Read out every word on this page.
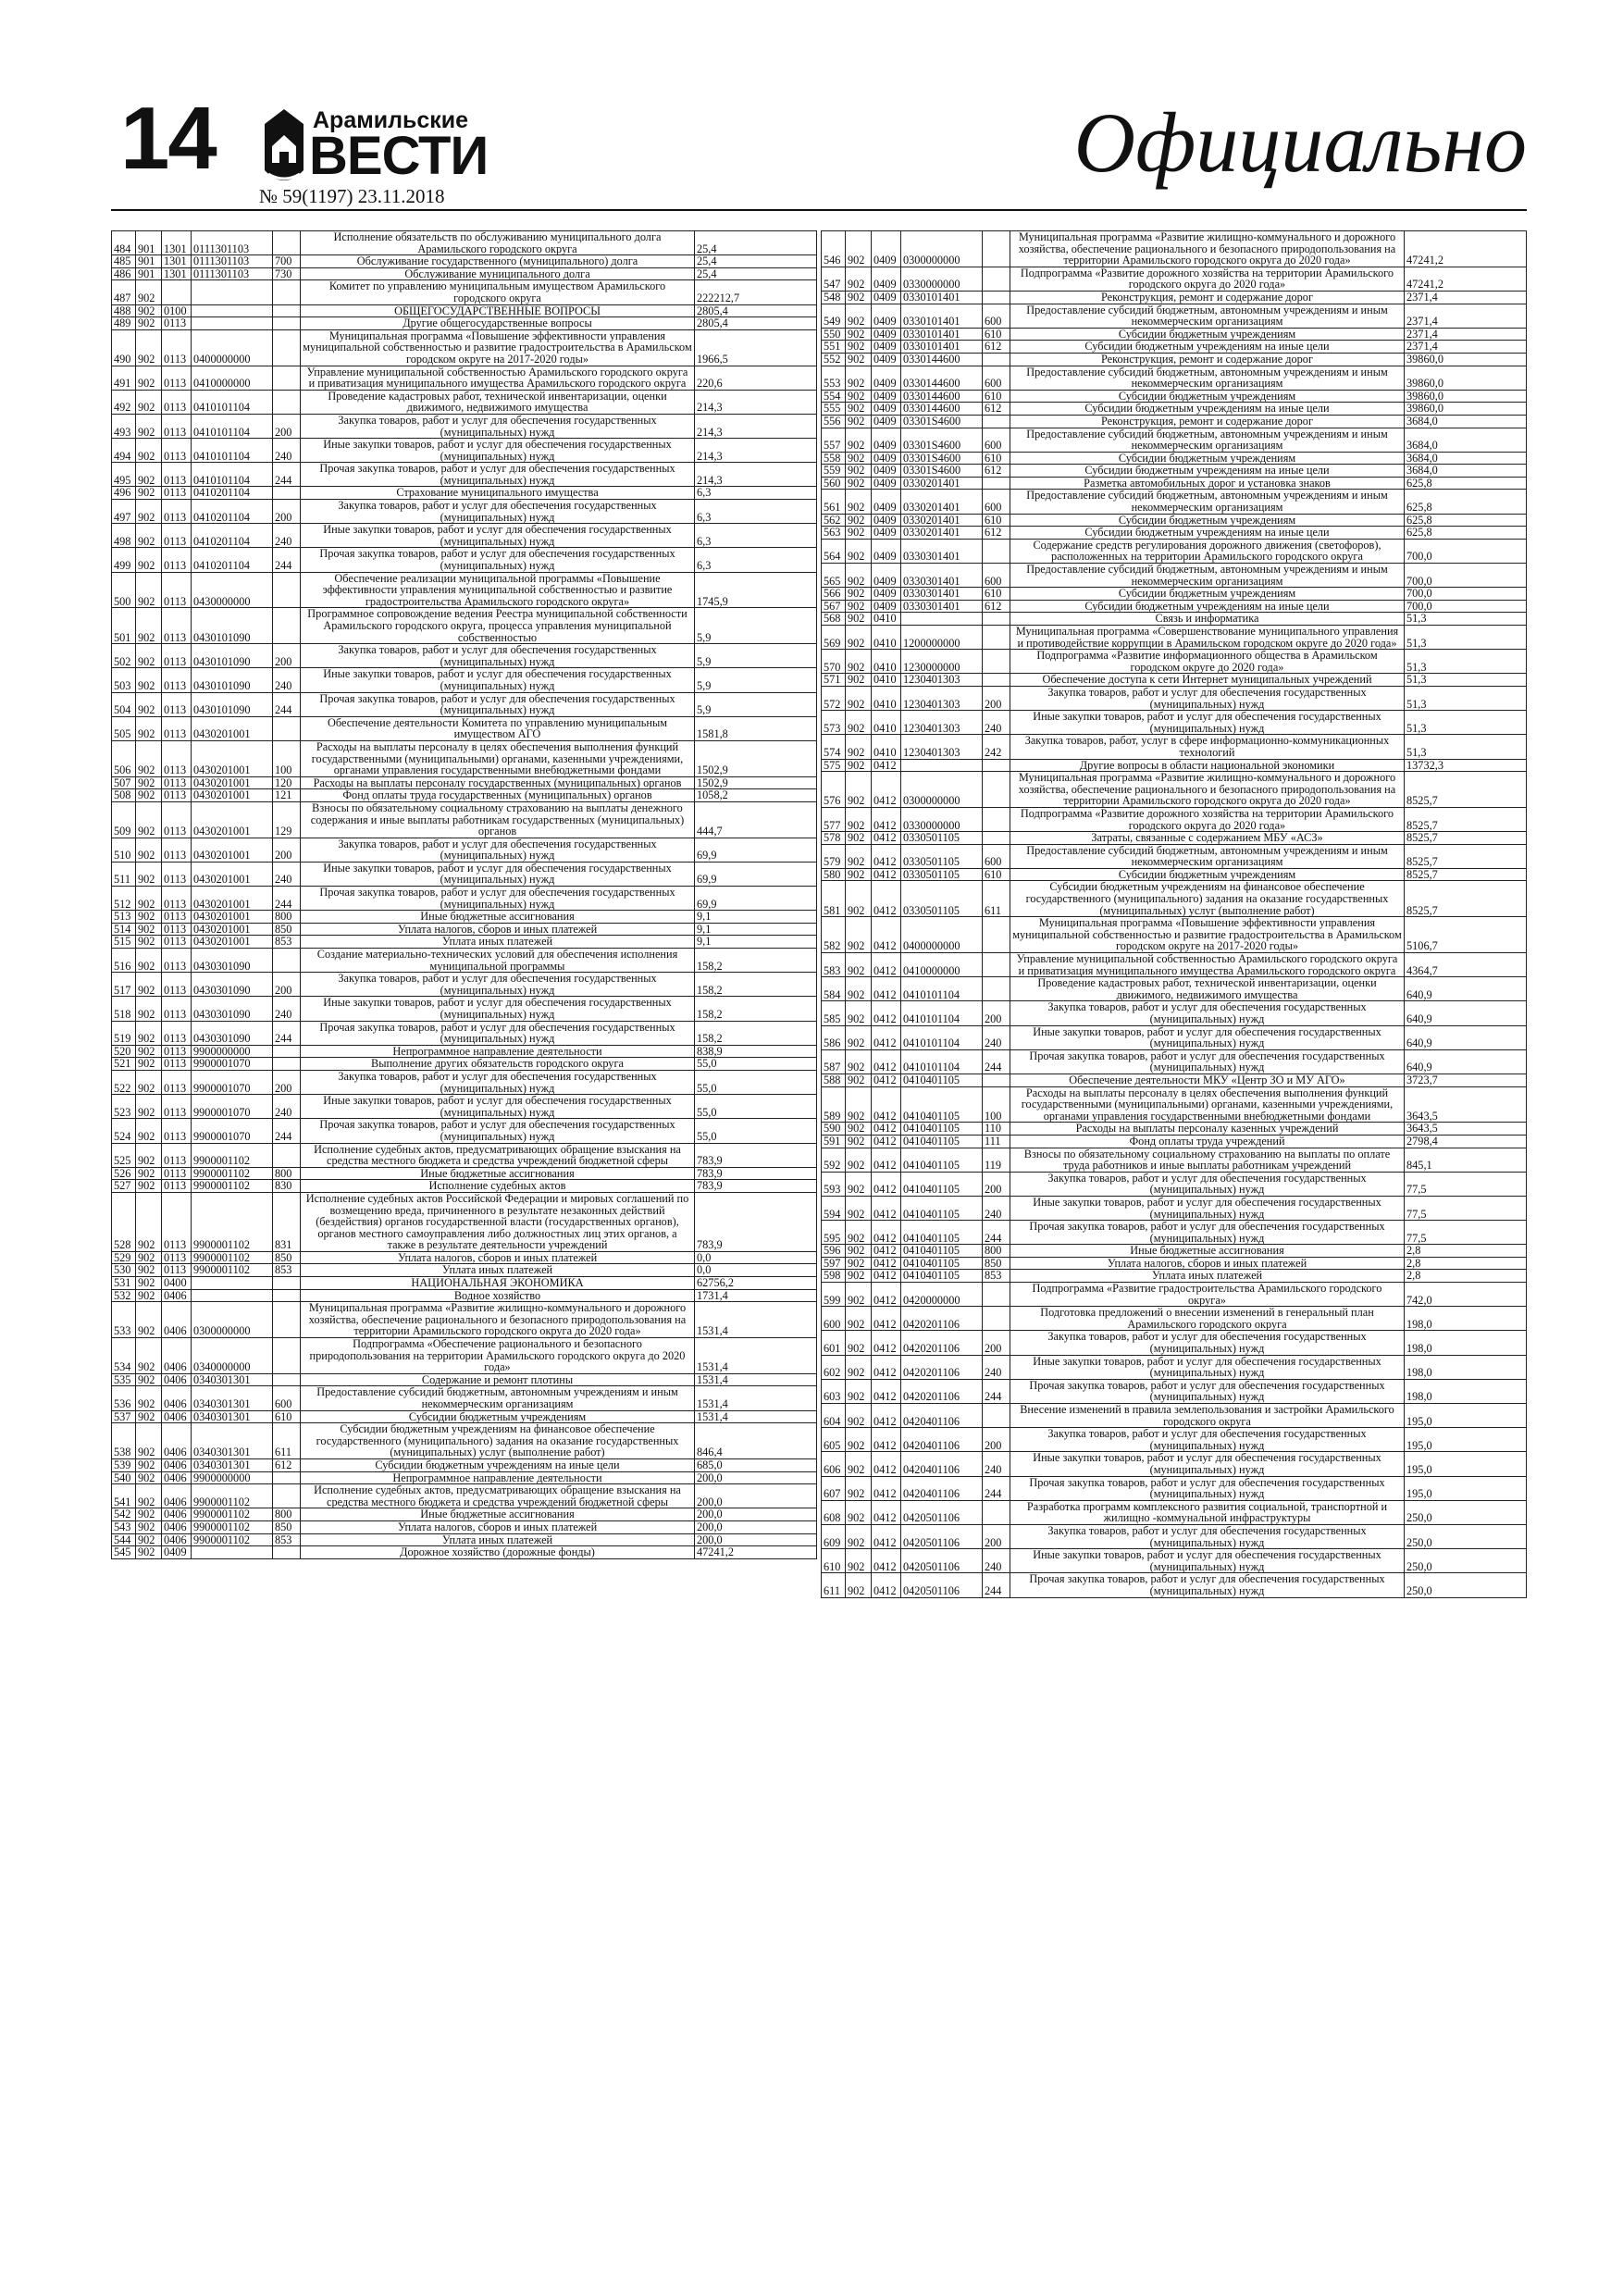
14	Арамильские
ВЕСТИ
№ 59(1197) 23.11.2018
Официально
484	901	1301	0111301103		Исполнение обязательств по обслуживанию муниципального долга Арамильского городского округа	25,4
485	901	1301	0111301103	700	Обслуживание государственного (муниципального) долга	25,4
486	901	1301	0111301103	730	Обслуживание муниципального долга	25,4
487	902				Комитет по управлению муниципальным имуществом Арамильского городского округа	222212,7
488	902	0100			ОБЩЕГОСУДАРСТВЕННЫЕ ВОПРОСЫ	2805,4
489	902	0113			Другие общегосударственные вопросы	2805,4
490	902	0113	0400000000		Муниципальная программа «Повышение эффективности управления муниципальной собственностью и развитие градостроительства в Арамильском городском округе на 2017-2020 годы»	1966,5
491	902	0113	0410000000		Управление муниципальной собственностью Арамильского городского округа и приватизация муниципального имущества Арамильского городского округа	220,6
492	902	0113	0410101104		Проведение кадастровых работ, технической инвентаризации, оценки движимого, недвижимого имущества	214,3
493	902	0113	0410101104	200	Закупка товаров, работ и услуг для обеспечения государственных (муниципальных) нужд	214,3
494	902	0113	0410101104	240	Иные закупки товаров, работ и услуг для обеспечения государственных (муниципальных) нужд	214,3
495	902	0113	0410101104	244	Прочая закупка товаров, работ и услуг для обеспечения государственных (муниципальных) нужд	214,3
496	902	0113	0410201104		Страхование муниципального имущества	6,3
497	902	0113	0410201104	200	Закупка товаров, работ и услуг для обеспечения государственных (муниципальных) нужд	6,3
498	902	0113	0410201104	240	Иные закупки товаров, работ и услуг для обеспечения государственных (муниципальных) нужд	6,3
499	902	0113	0410201104	244	Прочая закупка товаров, работ и услуг для обеспечения государственных (муниципальных) нужд	6,3
500	902	0113	0430000000		Обеспечение реализации муниципальной программы «Повышение эффективности управления муниципальной собственностью и развитие градостроительства Арамильского городского округа»	1745,9
501	902	0113	0430101090		Программное сопровождение ведения Реестра муниципальной собственности Арамильского городского округа, процесса управления муниципальной собственностью	5,9
502	902	0113	0430101090	200	Закупка товаров, работ и услуг для обеспечения государственных (муниципальных) нужд	5,9
503	902	0113	0430101090	240	Иные закупки товаров, работ и услуг для обеспечения государственных (муниципальных) нужд	5,9
504	902	0113	0430101090	244	Прочая закупка товаров, работ и услуг для обеспечения государственных (муниципальных) нужд	5,9
505	902	0113	0430201001		Обеспечение деятельности Комитета по управлению муниципальным имуществом АГО	1581,8
506	902	0113	0430201001	100	Расходы на выплаты персоналу в целях обеспечения выполнения функций государственными (муниципальными) органами, казенными учреждениями, органами управления государственными внебюджетными фондами	1502,9
507	902	0113	0430201001	120	Расходы на выплаты персоналу государственных (муниципальных) органов	1502,9
508	902	0113	0430201001	121	Фонд оплаты труда государственных (муниципальных) органов	1058,2
509	902	0113	0430201001	129	Взносы по обязательному социальному страхованию на выплаты денежного содержания и иные выплаты работникам государственных (муниципальных) органов	444,7
510	902	0113	0430201001	200	Закупка товаров, работ и услуг для обеспечения государственных (муниципальных) нужд	69,9
511	902	0113	0430201001	240	Иные закупки товаров, работ и услуг для обеспечения государственных (муниципальных) нужд	69,9
512	902	0113	0430201001	244	Прочая закупка товаров, работ и услуг для обеспечения государственных (муниципальных) нужд	69,9
513	902	0113	0430201001	800	Иные бюджетные ассигнования	9,1
514	902	0113	0430201001	850	Уплата налогов, сборов и иных платежей	9,1
515	902	0113	0430201001	853	Уплата иных платежей	9,1
516	902	0113	0430301090		Создание материально-технических условий для обеспечения исполнения муниципальной программы	158,2
517	902	0113	0430301090	200	Закупка товаров, работ и услуг для обеспечения государственных (муниципальных) нужд	158,2
518	902	0113	0430301090	240	Иные закупки товаров, работ и услуг для обеспечения государственных (муниципальных) нужд	158,2
519	902	0113	0430301090	244	Прочая закупка товаров, работ и услуг для обеспечения государственных (муниципальных) нужд	158,2
520	902	0113	9900000000		Непрограммное направление деятельности	838,9
521	902	0113	9900001070		Выполнение других обязательств городского округа	55,0
522	902	0113	9900001070	200	Закупка товаров, работ и услуг для обеспечения государственных (муниципальных) нужд	55,0
523	902	0113	9900001070	240	Иные закупки товаров, работ и услуг для обеспечения государственных (муниципальных) нужд	55,0
524	902	0113	9900001070	244	Прочая закупка товаров, работ и услуг для обеспечения государственных (муниципальных) нужд	55,0
525	902	0113	9900001102		Исполнение судебных актов, предусматривающих обращение взыскания на средства местного бюджета и средства учреждений бюджетной сферы	783,9
526	902	0113	9900001102	800	Иные бюджетные ассигнования	783,9
527	902	0113	9900001102	830	Исполнение судебных актов	783,9
528	902	0113	9900001102	831	Исполнение судебных актов Российской Федерации и мировых соглашений по возмещению вреда, причиненного в результате незаконных действий (бездействия) органов государственной власти (государственных органов), органов местного самоуправления либо должностных лиц этих органов, а также в результате деятельности учреждений	783,9
529	902	0113	9900001102	850	Уплата налогов, сборов и иных платежей	0,0
530	902	0113	9900001102	853	Уплата иных платежей	0,0
531	902	0400			НАЦИОНАЛЬНАЯ ЭКОНОМИКА	62756,2
532	902	0406			Водное хозяйство	1731,4
533	902	0406	0300000000		Муниципальная программа «Развитие жилищно-коммунального и дорожного хозяйства, обеспечение рационального и безопасного природопользования на территории Арамильского городского округа до 2020 года»	1531,4
534	902	0406	0340000000		Подпрограмма «Обеспечение рационального и безопасного природопользования на территории Арамильского городского округа до 2020 года»	1531,4
535	902	0406	0340301301		Содержание и ремонт плотины	1531,4
536	902	0406	0340301301	600	Предоставление субсидий бюджетным, автономным учреждениям и иным некоммерческим организациям	1531,4
537	902	0406	0340301301	610	Субсидии бюджетным учреждениям	1531,4
538	902	0406	0340301301	611	Субсидии бюджетным учреждениям на финансовое обеспечение государственного (муниципального) задания на оказание государственных (муниципальных) услуг (выполнение работ)	846,4
539	902	0406	0340301301	612	Субсидии бюджетным учреждениям на иные цели	685,0
540	902	0406	9900000000		Непрограммное направление деятельности	200,0
541	902	0406	9900001102		Исполнение судебных актов, предусматривающих обращение взыскания на средства местного бюджета и средства учреждений бюджетной сферы	200,0
542	902	0406	9900001102	800	Иные бюджетные ассигнования	200,0
543	902	0406	9900001102	850	Уплата налогов, сборов и иных платежей	200,0
544	902	0406	9900001102	853	Уплата иных платежей	200,0
545	902	0409			Дорожное хозяйство (дорожные фонды)	47241,2
546	902	0409	0300000000		Муниципальная программа «Развитие жилищно-коммунального и дорожного хозяйства, обеспечение рационального и безопасного природопользования на территории Арамильского городского округа до 2020 года»	47241,2
547	902	0409	0330000000		Подпрограмма «Развитие дорожного хозяйства на территории Арамильского городского округа до 2020 года»	47241,2
548	902	0409	0330101401		Реконструкция, ремонт и содержание дорог	2371,4
549	902	0409	0330101401	600	Предоставление субсидий бюджетным, автономным учреждениям и иным некоммерческим организациям	2371,4
550	902	0409	0330101401	610	Субсидии бюджетным учреждениям	2371,4
551	902	0409	0330101401	612	Субсидии бюджетным учреждениям на иные цели	2371,4
552	902	0409	0330144600		Реконструкция, ремонт и содержание дорог	39860,0
553	902	0409	0330144600	600	Предоставление субсидий бюджетным, автономным учреждениям и иным некоммерческим организациям	39860,0
554	902	0409	0330144600	610	Субсидии бюджетным учреждениям	39860,0
555	902	0409	0330144600	612	Субсидии бюджетным учреждениям на иные цели	39860,0
556	902	0409	03301S4600		Реконструкция, ремонт и содержание дорог	3684,0
557	902	0409	03301S4600	600	Предоставление субсидий бюджетным, автономным учреждениям и иным некоммерческим организациям	3684,0
558	902	0409	03301S4600	610	Субсидии бюджетным учреждениям	3684,0
559	902	0409	03301S4600	612	Субсидии бюджетным учреждениям на иные цели	3684,0
560	902	0409	0330201401		Разметка автомобильных дорог и установка знаков	625,8
561	902	0409	0330201401	600	Предоставление субсидий бюджетным, автономным учреждениям и иным некоммерческим организациям	625,8
562	902	0409	0330201401	610	Субсидии бюджетным учреждениям	625,8
563	902	0409	0330201401	612	Субсидии бюджетным учреждениям на иные цели	625,8
564	902	0409	0330301401		Содержание средств регулирования дорожного движения (светофоров), расположенных на территории Арамильского городского округа	700,0
565	902	0409	0330301401	600	Предоставление субсидий бюджетным, автономным учреждениям и иным некоммерческим организациям	700,0
566	902	0409	0330301401	610	Субсидии бюджетным учреждениям	700,0
567	902	0409	0330301401	612	Субсидии бюджетным учреждениям на иные цели	700,0
568	902	0410			Связь и информатика	51,3
569	902	0410	1200000000		Муниципальная программа «Совершенствование муниципального управления и противодействие коррупции в Арамильском городском округе до 2020 года»	51,3
570	902	0410	1230000000		Подпрограмма «Развитие информационного общества в Арамильском городском округе до 2020 года»	51,3
571	902	0410	1230401303		Обеспечение доступа к сети Интернет муниципальных учреждений	51,3
572	902	0410	1230401303	200	Закупка товаров, работ и услуг для обеспечения государственных (муниципальных) нужд	51,3
573	902	0410	1230401303	240	Иные закупки товаров, работ и услуг для обеспечения государственных (муниципальных) нужд	51,3
574	902	0410	1230401303	242	Закупка товаров, работ, услуг в сфере информационно-коммуникационных технологий	51,3
575	902	0412			Другие вопросы в области национальной экономики	13732,3
576	902	0412	0300000000		Муниципальная программа «Развитие жилищно-коммунального и дорожного хозяйства, обеспечение рационального и безопасного природопользования на территории Арамильского городского округа до 2020 года»	8525,7
577	902	0412	0330000000		Подпрограмма «Развитие дорожного хозяйства на территории Арамильского городского округа до 2020 года»	8525,7
578	902	0412	0330501105		Затраты, связанные с содержанием МБУ «АСЗ»	8525,7
579	902	0412	0330501105	600	Предоставление субсидий бюджетным, автономным учреждениям и иным некоммерческим организациям	8525,7
580	902	0412	0330501105	610	Субсидии бюджетным учреждениям	8525,7
581	902	0412	0330501105	611	Субсидии бюджетным учреждениям на финансовое обеспечение государственного (муниципального) задания на оказание государственных (муниципальных) услуг (выполнение работ)	8525,7
582	902	0412	0400000000		Муниципальная программа «Повышение эффективности управления муниципальной собственностью и развитие градостроительства в Арамильском городском округе на 2017-2020 годы»	5106,7
583	902	0412	0410000000		Управление муниципальной собственностью Арамильского городского округа и приватизация муниципального имущества Арамильского городского округа	4364,7
584	902	0412	0410101104		Проведение кадастровых работ, технической инвентаризации, оценки движимого, недвижимого имущества	640,9
585	902	0412	0410101104	200	Закупка товаров, работ и услуг для обеспечения государственных (муниципальных) нужд	640,9
586	902	0412	0410101104	240	Иные закупки товаров, работ и услуг для обеспечения государственных (муниципальных) нужд	640,9
587	902	0412	0410101104	244	Прочая закупка товаров, работ и услуг для обеспечения государственных (муниципальных) нужд	640,9
588	902	0412	0410401105		Обеспечение деятельности МКУ «Центр ЗО и МУ АГО»	3723,7
589	902	0412	0410401105	100	Расходы на выплаты персоналу в целях обеспечения выполнения функций государственными (муниципальными) органами, казенными учреждениями, органами управления государственными внебюджетными фондами	3643,5
590	902	0412	0410401105	110	Расходы на выплаты персоналу казенных учреждений	3643,5
591	902	0412	0410401105	111	Фонд оплаты труда учреждений	2798,4
592	902	0412	0410401105	119	Взносы по обязательному социальному страхованию на выплаты по оплате труда работников и иные выплаты работникам учреждений	845,1
593	902	0412	0410401105	200	Закупка товаров, работ и услуг для обеспечения государственных (муниципальных) нужд	77,5
594	902	0412	0410401105	240	Иные закупки товаров, работ и услуг для обеспечения государственных (муниципальных) нужд	77,5
595	902	0412	0410401105	244	Прочая закупка товаров, работ и услуг для обеспечения государственных (муниципальных) нужд	77,5
596	902	0412	0410401105	800	Иные бюджетные ассигнования	2,8
597	902	0412	0410401105	850	Уплата налогов, сборов и иных платежей	2,8
598	902	0412	0410401105	853	Уплата иных платежей	2,8
599	902	0412	0420000000		Подпрограмма «Развитие градостроительства Арамильского городского округа»	742,0
600	902	0412	0420201106		Подготовка предложений о внесении изменений в генеральный план Арамильского городского округа	198,0
601	902	0412	0420201106	200	Закупка товаров, работ и услуг для обеспечения государственных (муниципальных) нужд	198,0
602	902	0412	0420201106	240	Иные закупки товаров, работ и услуг для обеспечения государственных (муниципальных) нужд	198,0
603	902	0412	0420201106	244	Прочая закупка товаров, работ и услуг для обеспечения государственных (муниципальных) нужд	198,0
604	902	0412	0420401106		Внесение изменений в правила землепользования и застройки Арамильского городского округа	195,0
605	902	0412	0420401106	200	Закупка товаров, работ и услуг для обеспечения государственных (муниципальных) нужд	195,0
606	902	0412	0420401106	240	Иные закупки товаров, работ и услуг для обеспечения государственных (муниципальных) нужд	195,0
607	902	0412	0420401106	244	Прочая закупка товаров, работ и услуг для обеспечения государственных (муниципальных) нужд	195,0
608	902	0412	0420501106		Разработка программ комплексного развития социальной, транспортной и жилищно -коммунальной инфраструктуры	250,0
609	902	0412	0420501106	200	Закупка товаров, работ и услуг для обеспечения государственных (муниципальных) нужд	250,0
610	902	0412	0420501106	240	Иные закупки товаров, работ и услуг для обеспечения государственных (муниципальных) нужд	250,0
611	902	0412	0420501106	244	Прочая закупка товаров, работ и услуг для обеспечения государственных (муниципальных) нужд	250,0
